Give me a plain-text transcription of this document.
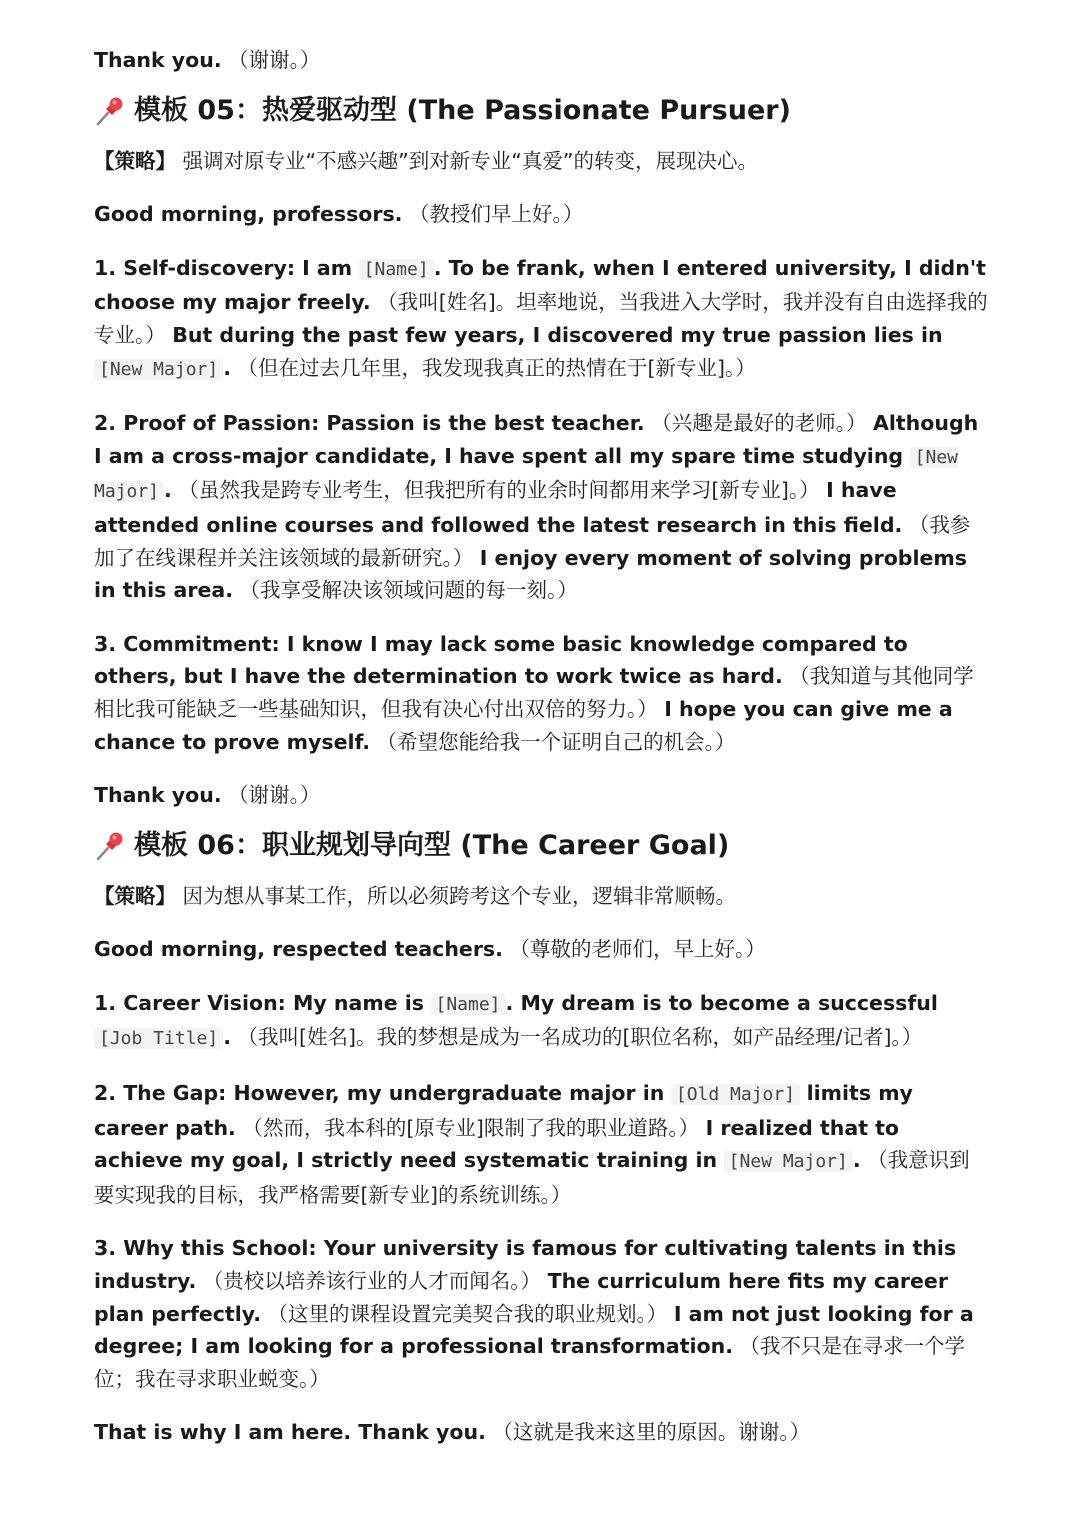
Thank you. （谢谢。）

模板 05：热爱驱动型 (The Passionate Pursuer)

【策略】 强调对原专业“不感兴趣”到对新专业“真爱”的转变，展现决心。

Good morning, professors. （教授们早上好。）

1. Self-discovery: I am [Name] . To be frank, when I entered university, I didn't choose my major freely. （我叫[姓名]。坦率地说，当我进入大学时，我并没有自由选择我的专业。） But during the past few years, I discovered my true passion lies in [New Major] . （但在过去几年里，我发现我真正的热情在于[新专业]。）

2. Proof of Passion: Passion is the best teacher. （兴趣是最好的老师。） Although I am a cross-major candidate, I have spent all my spare time studying [New Major] . （虽然我是跨专业考生，但我把所有的业余时间都用来学习[新专业]。） I have attended online courses and followed the latest research in this field. （我参加了在线课程并关注该领域的最新研究。） I enjoy every moment of solving problems in this area. （我享受解决该领域问题的每一刻。）

3. Commitment: I know I may lack some basic knowledge compared to others, but I have the determination to work twice as hard. （我知道与其他同学相比我可能缺乏一些基础知识，但我有决心付出双倍的努力。） I hope you can give me a chance to prove myself. （希望您能给我一个证明自己的机会。）

Thank you. （谢谢。）

模板 06：职业规划导向型 (The Career Goal)

【策略】 因为想从事某工作，所以必须跨考这个专业，逻辑非常顺畅。

Good morning, respected teachers. （尊敬的老师们，早上好。）

1. Career Vision: My name is [Name] . My dream is to become a successful [Job Title] . （我叫[姓名]。我的梦想是成为一名成功的[职位名称，如产品经理/记者]。）

2. The Gap: However, my undergraduate major in [Old Major] limits my career path. （然而，我本科的[原专业]限制了我的职业道路。） I realized that to achieve my goal, I strictly need systematic training in [New Major] . （我意识到要实现我的目标，我严格需要[新专业]的系统训练。）

3. Why this School: Your university is famous for cultivating talents in this industry. （贵校以培养该行业的人才而闻名。） The curriculum here fits my career plan perfectly. （这里的课程设置完美契合我的职业规划。） I am not just looking for a degree; I am looking for a professional transformation. （我不只是在寻求一个学位；我在寻求职业蜕变。）

That is why I am here. Thank you. （这就是我来这里的原因。谢谢。）
